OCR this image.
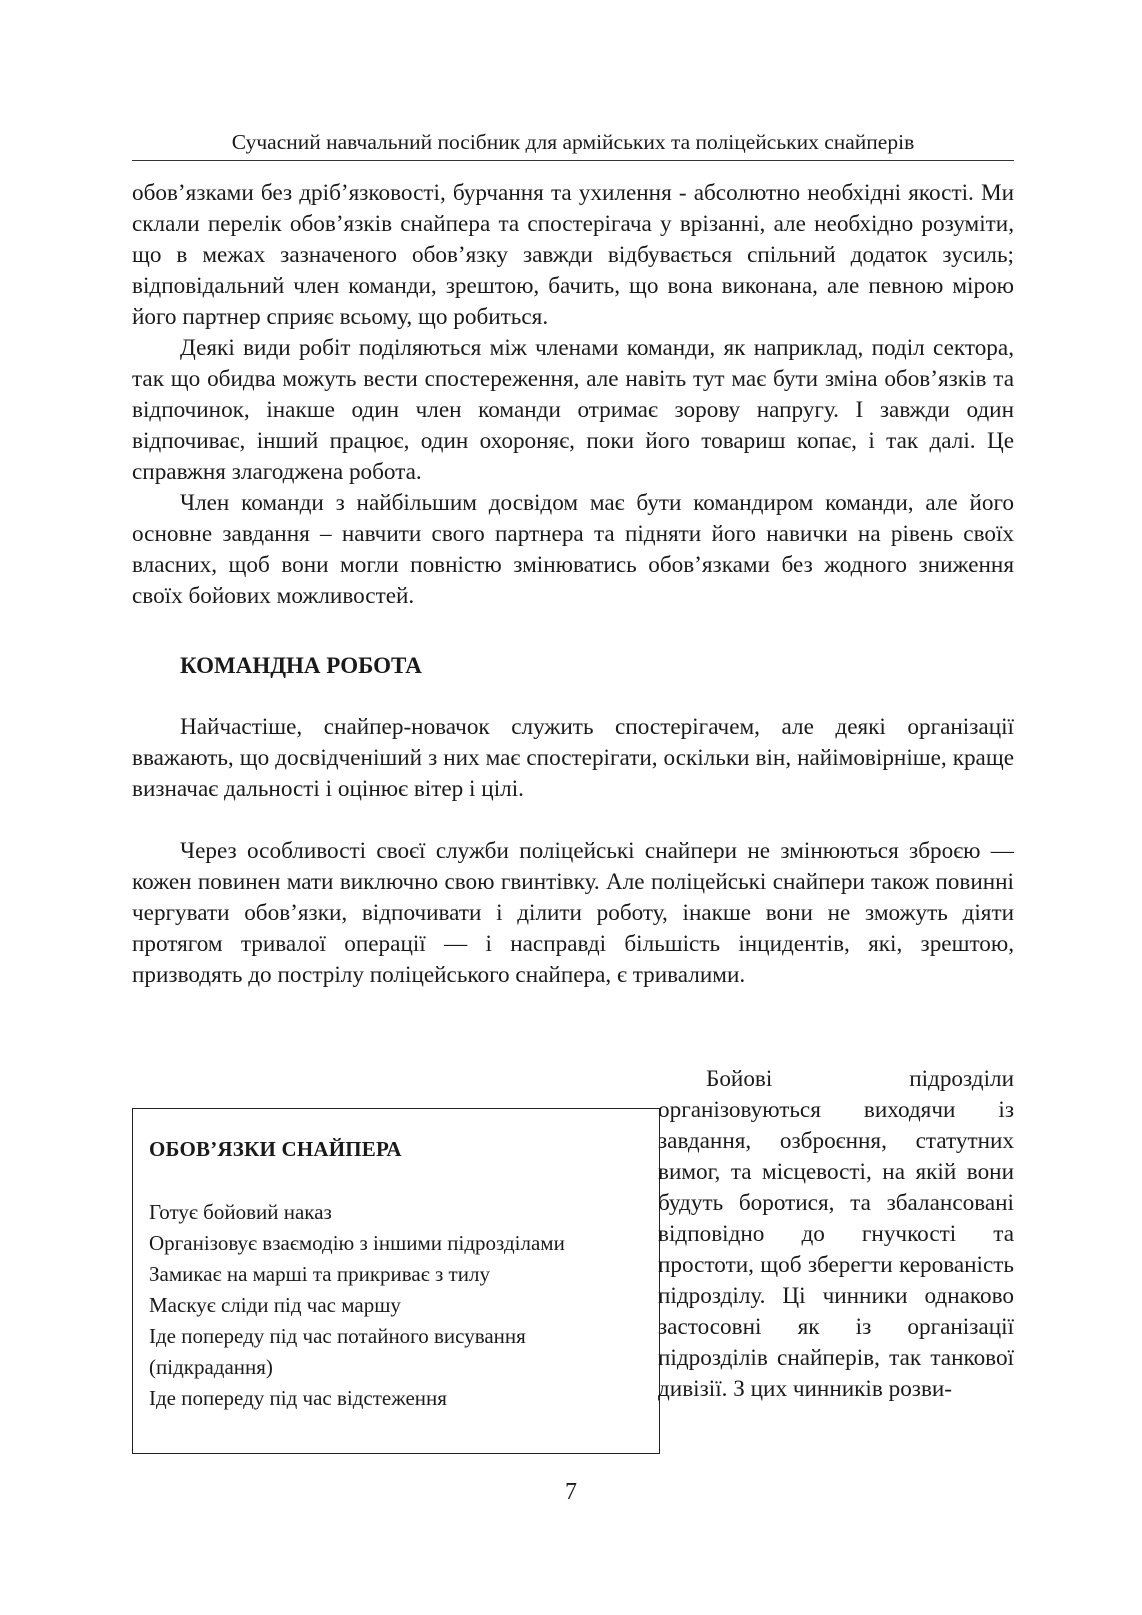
Сучасний навчальний посібник для армійських та поліцейських снайперів

обов’язками без дріб’язковості, бурчання та ухилення - абсолютно необхідні якості. Ми склали перелік обов’язків снайпера та спостерігача у врізанні, але необхідно розуміти, що в межах зазначеного обов’язку завжди відбувається спільний додаток зусиль; відповідальний член команди, зрештою, бачить, що вона виконана, але певною мірою його партнер сприяє всьому, що робиться.

Деякі види робіт поділяються між членами команди, як наприклад, поділ сектора, так що обидва можуть вести спостереження, але навіть тут має бути зміна обов’язків та відпочинок, інакше один член команди отримає зорову напругу. І завжди один відпочиває, інший працює, один охороняє, поки його товариш копає, і так далі. Це справжня злагоджена робота.

Член команди з найбільшим досвідом має бути командиром команди, але його основне завдання – навчити свого партнера та підняти його навички на рівень своїх власних, щоб вони могли повністю змінюватись обов’язками без жодного зниження своїх бойових можливостей.

КОМАНДНА РОБОТА

Найчастіше, снайпер-новачок служить спостерігачем, але деякі організації вважають, що досвідченіший з них має спостерігати, оскільки він, найімовірніше, краще визначає дальності і оцінює вітер і цілі.

Через особливості своєї служби поліцейські снайпери не змінюються зброєю — кожен повинен мати виключно свою гвинтівку. Але поліцейські снайпери також повинні чергувати обов’язки, відпочивати і ділити роботу, інакше вони не зможуть діяти протягом тривалої операції — і насправді більшість інцидентів, які, зрештою, призводять до пострілу поліцейського снайпера, є тривалими.

ОБОВ’ЯЗКИ СНАЙПЕРА

Готує бойовий наказ
Організовує взаємодію з іншими підрозділами
Замикає на марші та прикриває з тилу
Маскує сліди під час маршу
Іде попереду під час потайного висування (підкрадання)
Іде попереду під час відстеження

Бойові підрозділи організовуються виходячи із завдання, озброєння, статутних вимог, та місцевості, на якій вони будуть боротися, та збалансовані відповідно до гнучкості та простоти, щоб зберегти керованість підрозділу. Ці чинники однаково застосовні як із організації підрозділів снайперів, так танкової дивізії. З цих чинників розви-

7
